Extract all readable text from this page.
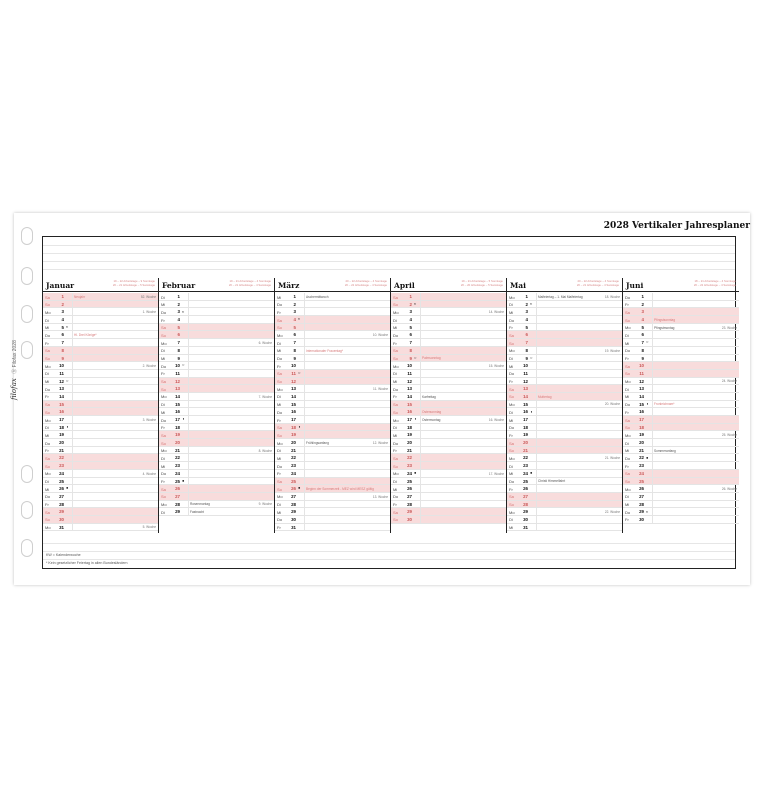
filofax Ⓡ Filofax 2028
2028 Vertikaler Jahresplaner
Januar	19 – 22 Arbeitstage – 9 Sonntage
20 – 21 Arbeitstage – 5 Samstage
Sa	1	Neujahr	52. Woche
So	2
Mo	3	1. Woche
Di	4
Mi	5 ◐
Do	6	Hl. Drei Könige*
Fr	7
Sa	8
So	9
Mo	10	2. Woche
Di	11
Mi	12 ○
Do	13
Fr	14
Sa	15
So	16
Mo	17	3. Woche
Di	18 ◑
Mi	19
Do	20
Fr	21
Sa	22
So	23
Mo	24	4. Woche
Di	25
Mi	26 ●
Do	27
Fr	28
Sa	29
So	30
Mo	31	5. Woche
Februar	19 – 21 Arbeitstage – 4 Sonntage
20 – 21 Arbeitstage – 4 Samstage
Di	1
Mi	2
Do	3 ◐
Fr	4
Sa	5
So	6
Mo	7	6. Woche
Di	8
Mi	9
Do	10 ○
Fr	11
Sa	12
So	13
Mo	14	7. Woche
Di	15
Mi	16
Do	17 ◑
Fr	18
Sa	19
So	20
Mo	21	8. Woche
Di	22
Mi	23
Do	24
Fr	25 ●
Sa	26
So	27
Mo	28	Rosenmontag	9. Woche
Di	29	Fastnacht
März	20 – 22 Arbeitstage – 4 Sonntage
20 – 22 Arbeitstage – 4 Samstage
Mi	1	Aschermittwoch
Do	2
Fr	3
Sa	4 ◐
So	5
Mo	6	10. Woche
Di	7
Mi	8	Internationaler Frauentag*
Do	9
Fr	10
Sa	11 ○
So	12
Mo	13	11. Woche
Di	14
Mi	15
Do	16
Fr	17
Sa	18 ◑
So	19
Mo	20	Frühlingsanfang	12. Woche
Di	21
Mi	22
Do	23
Fr	24
Sa	25
So	26 ● Beginn der Sommerzeit - MEZ wird MESZ gültig
Mo	27	13. Woche
Di	28
Mi	29
Do	30
Fr	31
April	19 – 21 Arbeitstage – 5 Sonntage
20 – 20 Arbeitstage – 5 Samstage
Sa	1
So	2 ◐
Mo	3	14. Woche
Di	4
Mi	5
Do	6
Fr	7
Sa	8
So	9 ○ Palmsonntag
Mo	10	15. Woche
Di	11
Mi	12
Do	13
Fr	14	Karfreitag
Sa	15
So	16	Ostersonntag
Mo	17 ◑ Ostermontag	16. Woche
Di	18
Mi	19
Do	20
Fr	21
Sa	22
So	23
Mo	24 ●	17. Woche
Di	25
Mi	26
Do	27
Fr	28
Sa	29
So	30
Mai	20 – 22 Arbeitstage – 4 Sonntage
20 – 21 Arbeitstage – 4 Samstage
Mo	1	Maifeiertag – 1. Mai Maifeiertag	18. Woche
Di	2 ◐
Mi	3
Do	4
Fr	5
Sa	6
So	7
Mo	8	19. Woche
Di	9 ○
Mi	10
Do	11
Fr	12
Sa	13
So	14	Muttertag
Mo	15	20. Woche
Di	16 ◑
Mi	17
Do	18
Fr	19
Sa	20
So	21
Mo	22	21. Woche
Di	23
Mi	24 ●
Do	25	Christi Himmelfahrt
Fr	26
Sa	27
So	28
Mo	29	22. Woche
Di	30
Mi	31
Juni	18 – 21 Arbeitstage – 4 Sonntage
20 – 22 Arbeitstage – 4 Samstage
Do	1
Fr	2
Sa	3
So	4	Pfingstsonntag
Mo	5	Pfingstmontag	23. Woche
Di	6
Mi	7 ○
Do	8
Fr	9
Sa	10
So	11
Mo	12	24. Woche
Di	13
Mi	14
Do	15 ◑ Fronleichnam*
Fr	16
Sa	17
So	18
Mo	19	25. Woche
Di	20
Mi	21	Sommeranfang
Do	22 ●
Fr	23
Sa	24
So	25
Mo	26	26. Woche
Di	27
Mi	28
Do	29 ◐
Fr	30
KW = Kalenderwoche
* Kein gesetzlicher Feiertag in allen Bundesländern
